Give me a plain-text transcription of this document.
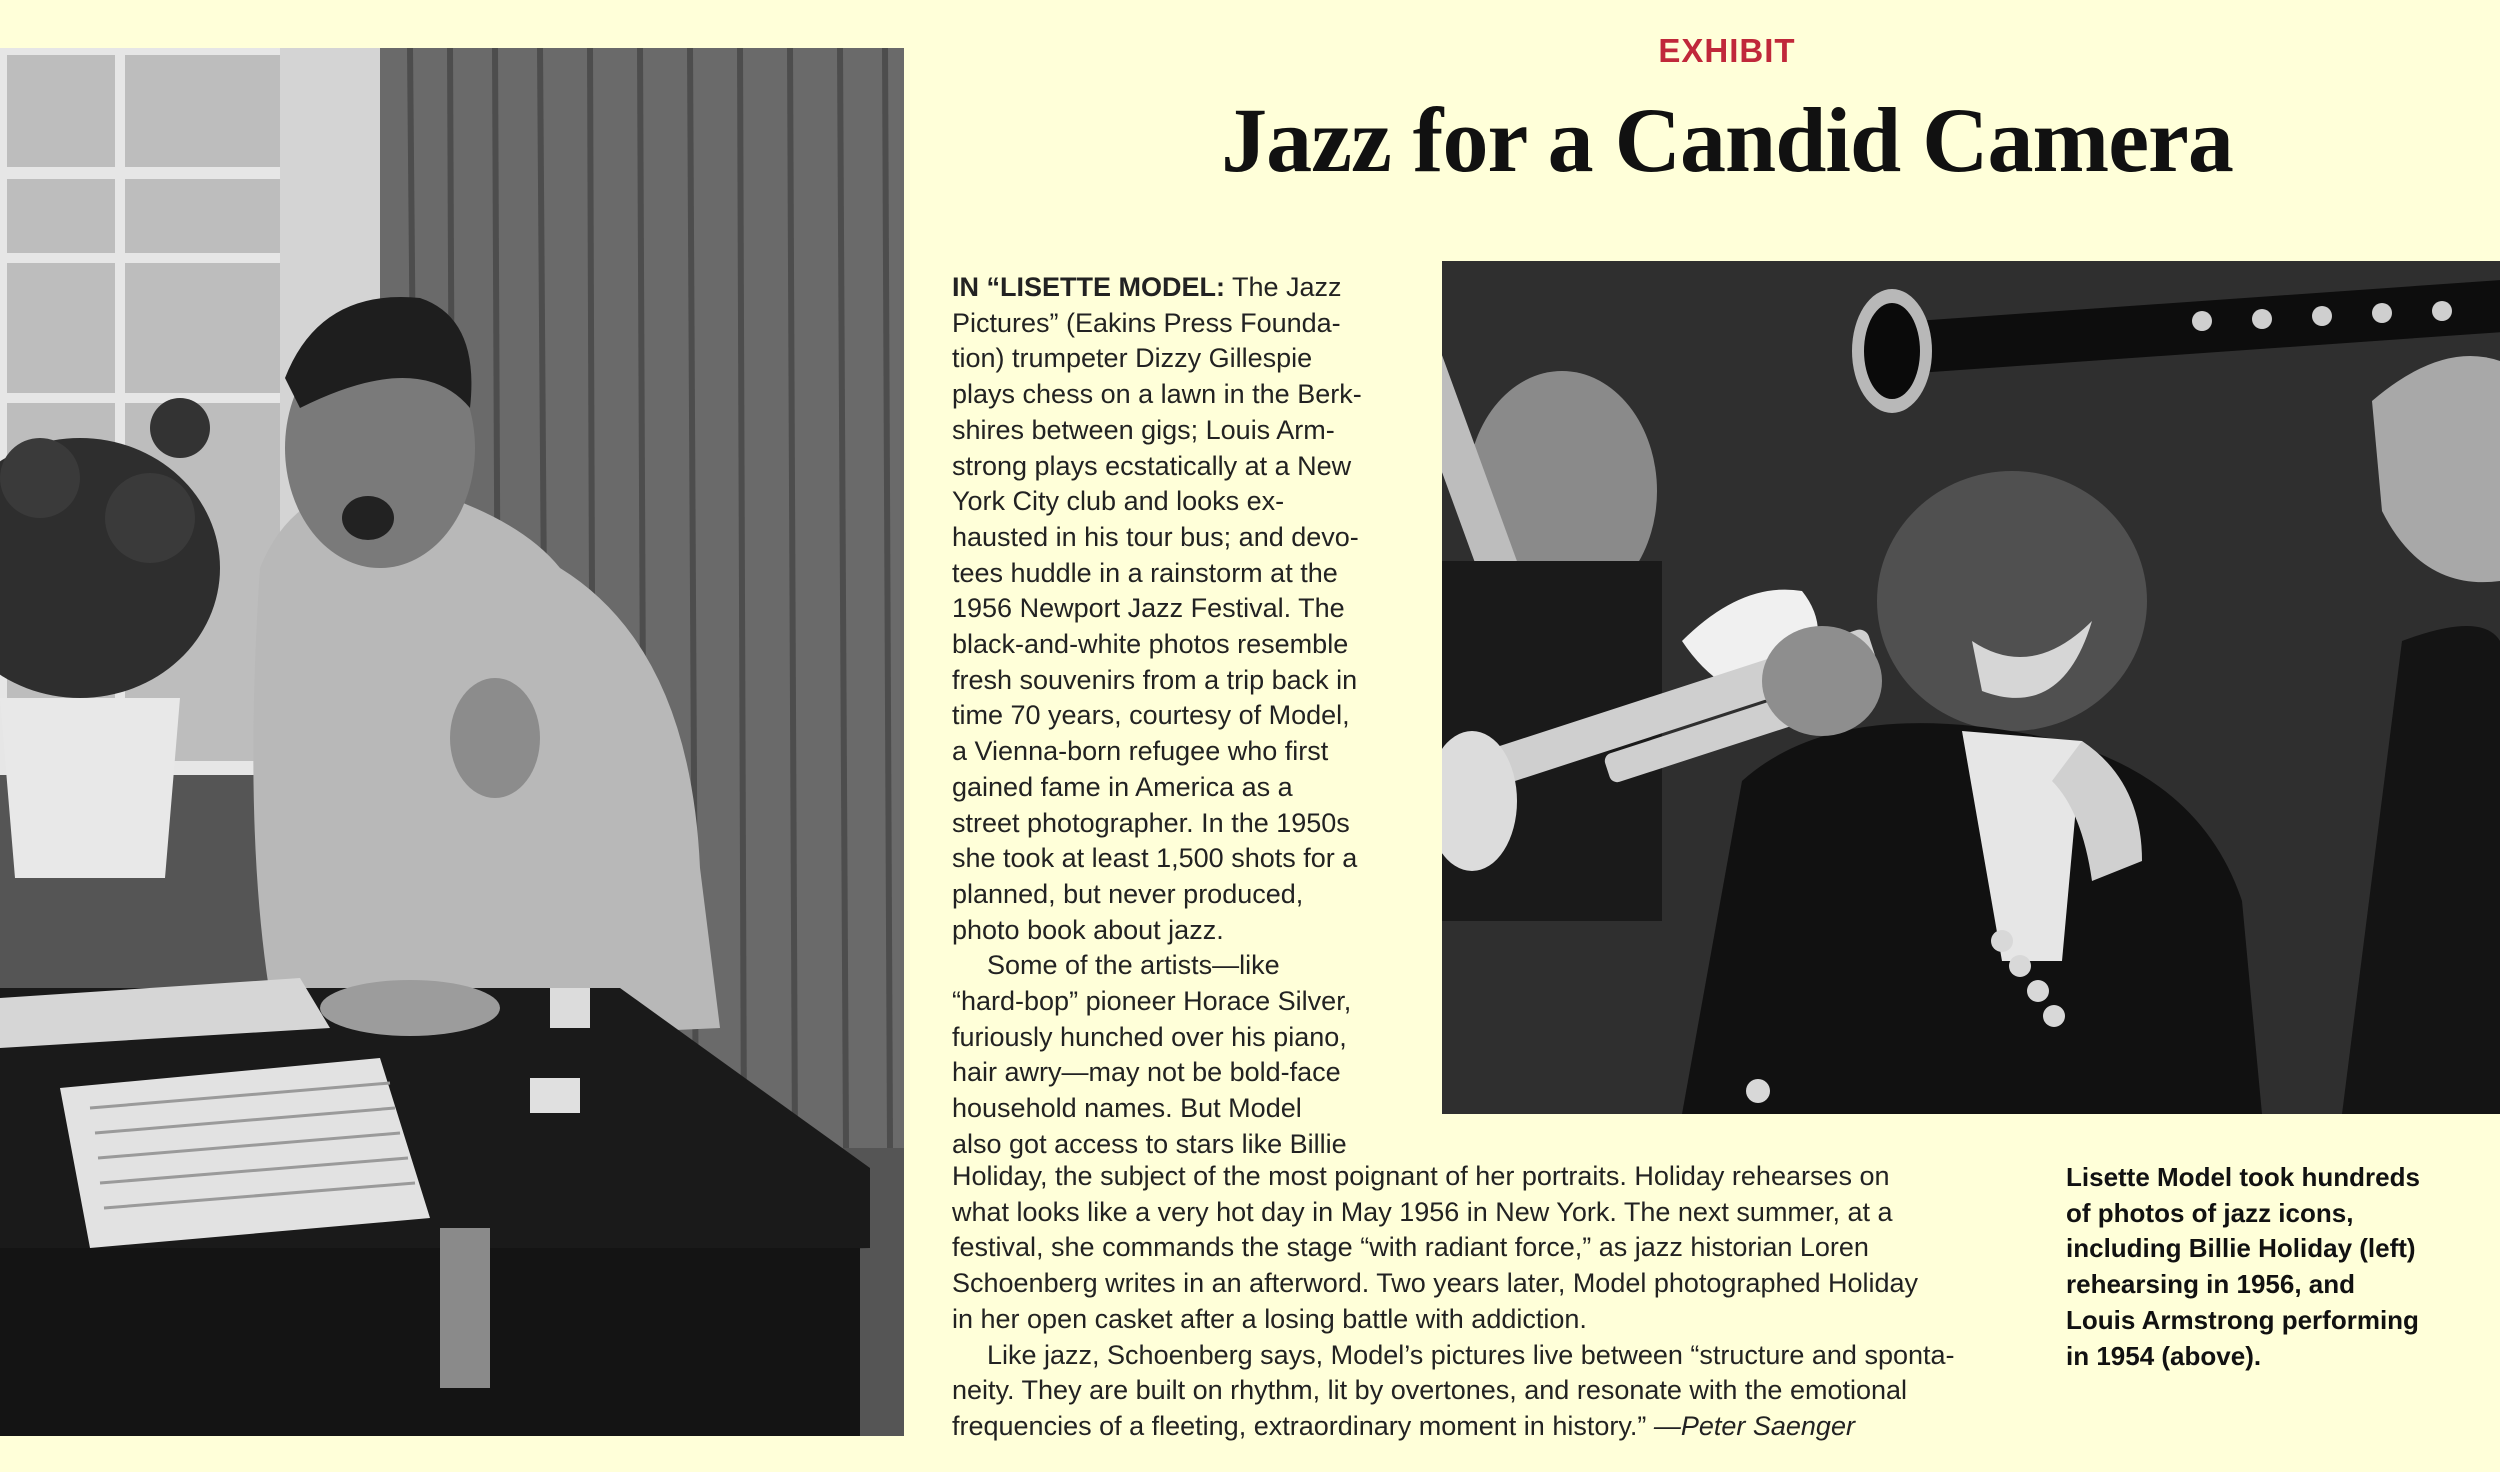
EXHIBIT
Jazz for a Candid Camera
IN “LISETTE MODEL: The Jazz
Pictures” (Eakins Press Founda-
tion) trumpeter Dizzy Gillespie
plays chess on a lawn in the Berk-
shires between gigs; Louis Arm-
strong plays ecstatically at a New
York City club and looks ex-
hausted in his tour bus; and devo-
tees huddle in a rainstorm at the
1956 Newport Jazz Festival. The
black-and-white photos resemble
fresh souvenirs from a trip back in
time 70 years, courtesy of Model,
a Vienna-born refugee who first
gained fame in America as a
street photographer. In the 1950s
she took at least 1,500 shots for a
planned, but never produced,
photo book about jazz.
Some of the artists—like
“hard-bop” pioneer Horace Silver,
furiously hunched over his piano,
hair awry—may not be bold-face
household names. But Model
also got access to stars like Billie
Holiday, the subject of the most poignant of her portraits. Holiday rehearses on
what looks like a very hot day in May 1956 in New York. The next summer, at a
festival, she commands the stage “with radiant force,” as jazz historian Loren
Schoenberg writes in an afterword. Two years later, Model photographed Holiday
in her open casket after a losing battle with addiction.
Like jazz, Schoenberg says, Model’s pictures live between “structure and sponta-
neity. They are built on rhythm, lit by overtones, and resonate with the emotional
frequencies of a fleeting, extraordinary moment in history.” —Peter Saenger
Lisette Model took hundreds
of photos of jazz icons,
including Billie Holiday (left)
rehearsing in 1956, and
Louis Armstrong performing
in 1954 (above).
